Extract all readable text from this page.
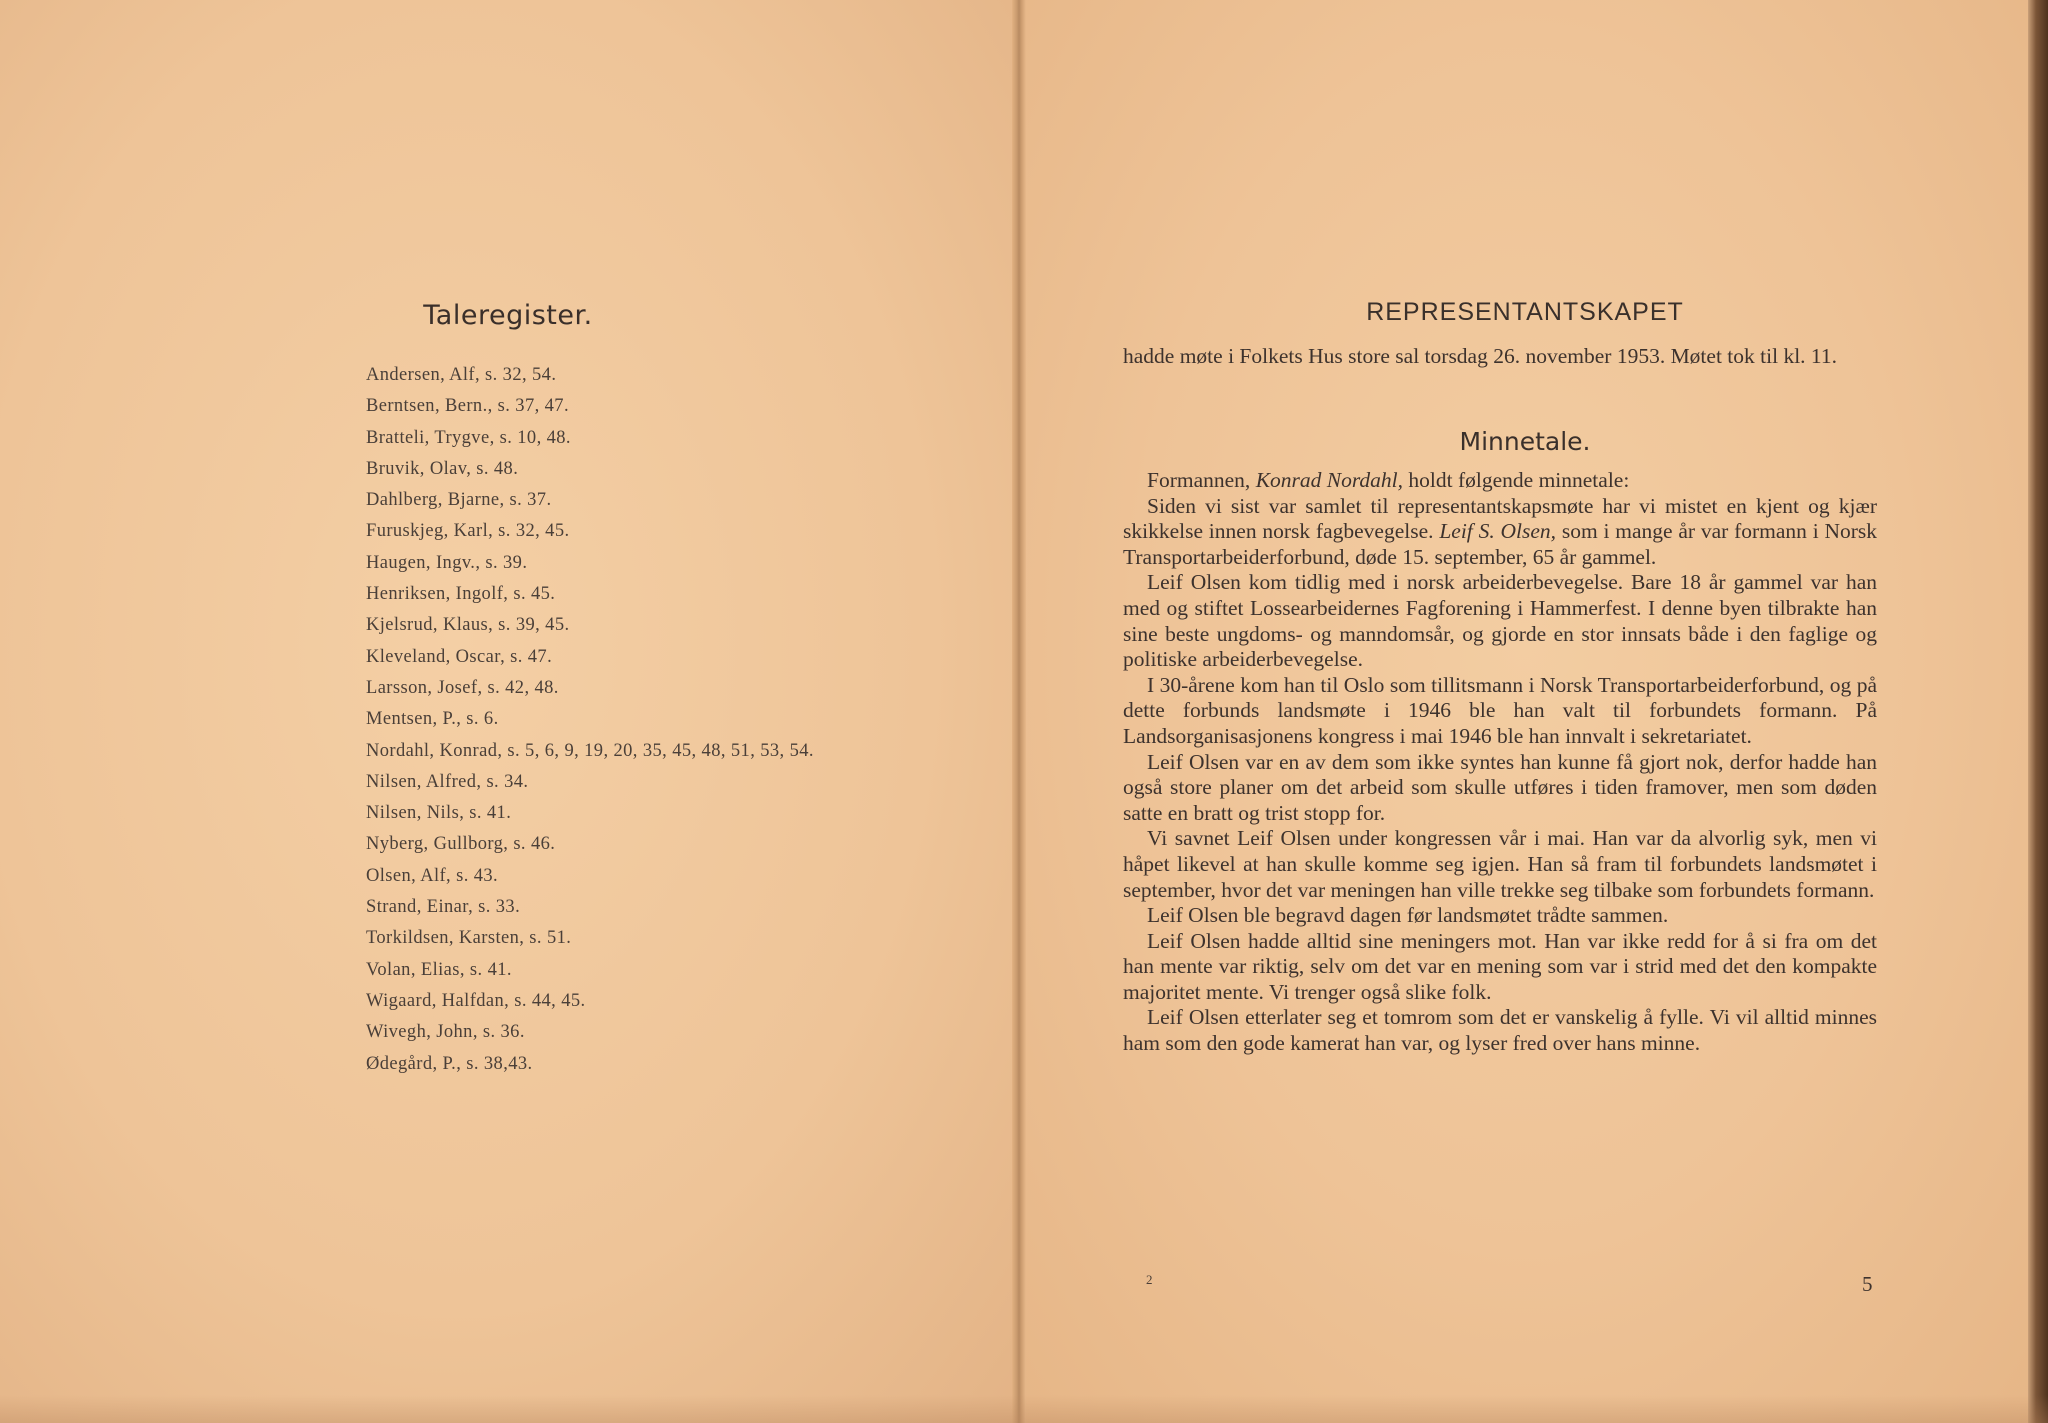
Taleregister.
Andersen, Alf, s. 32, 54.
Berntsen, Bern., s. 37, 47.
Bratteli, Trygve, s. 10, 48.
Bruvik, Olav, s. 48.
Dahlberg, Bjarne, s. 37.
Furuskjeg, Karl, s. 32, 45.
Haugen, Ingv., s. 39.
Henriksen, Ingolf, s. 45.
Kjelsrud, Klaus, s. 39, 45.
Kleveland, Oscar, s. 47.
Larsson, Josef, s. 42, 48.
Mentsen, P., s. 6.
Nordahl, Konrad, s. 5, 6, 9, 19, 20, 35, 45, 48, 51, 53, 54.
Nilsen, Alfred, s. 34.
Nilsen, Nils, s. 41.
Nyberg, Gullborg, s. 46.
Olsen, Alf, s. 43.
Strand, Einar, s. 33.
Torkildsen, Karsten, s. 51.
Volan, Elias, s. 41.
Wigaard, Halfdan, s. 44, 45.
Wivegh, John, s. 36.
Ødegård, P., s. 38,43.
REPRESENTANTSKAPET

hadde møte i Folkets Hus store sal torsdag 26. november 1953. Møtet tok til kl. 11.

Minnetale.

Formannen, Konrad Nordahl, holdt følgende minnetale:

Siden vi sist var samlet til representantskapsmøte har vi mistet en kjent og kjær skikkelse innen norsk fagbevegelse. Leif S. Olsen, som i mange år var formann i Norsk Transportarbeiderforbund, døde 15. september, 65 år gammel.

Leif Olsen kom tidlig med i norsk arbeiderbevegelse. Bare 18 år gammel var han med og stiftet Lossearbeidernes Fagforening i Hammerfest. I denne byen tilbrakte han sine beste ungdoms- og manndomsår, og gjorde en stor innsats både i den faglige og politiske arbeiderbevegelse.

I 30-årene kom han til Oslo som tillitsmann i Norsk Transportarbeiderforbund, og på dette forbunds landsmøte i 1946 ble han valt til forbundets formann. På Landsorganisasjonens kongress i mai 1946 ble han innvalt i sekretariatet.

Leif Olsen var en av dem som ikke syntes han kunne få gjort nok, derfor hadde han også store planer om det arbeid som skulle utføres i tiden framover, men som døden satte en bratt og trist stopp for.

Vi savnet Leif Olsen under kongressen vår i mai. Han var da alvorlig syk, men vi håpet likevel at han skulle komme seg igjen. Han så fram til forbundets landsmøtet i september, hvor det var meningen han ville trekke seg tilbake som forbundets formann.

Leif Olsen ble begravd dagen før landsmøtet trådte sammen.

Leif Olsen hadde alltid sine meningers mot. Han var ikke redd for å si fra om det han mente var riktig, selv om det var en mening som var i strid med det den kompakte majoritet mente. Vi trenger også slike folk.

Leif Olsen etterlater seg et tomrom som det er vanskelig å fylle. Vi vil alltid minnes ham som den gode kamerat han var, og lyser fred over hans minne.

2	5
